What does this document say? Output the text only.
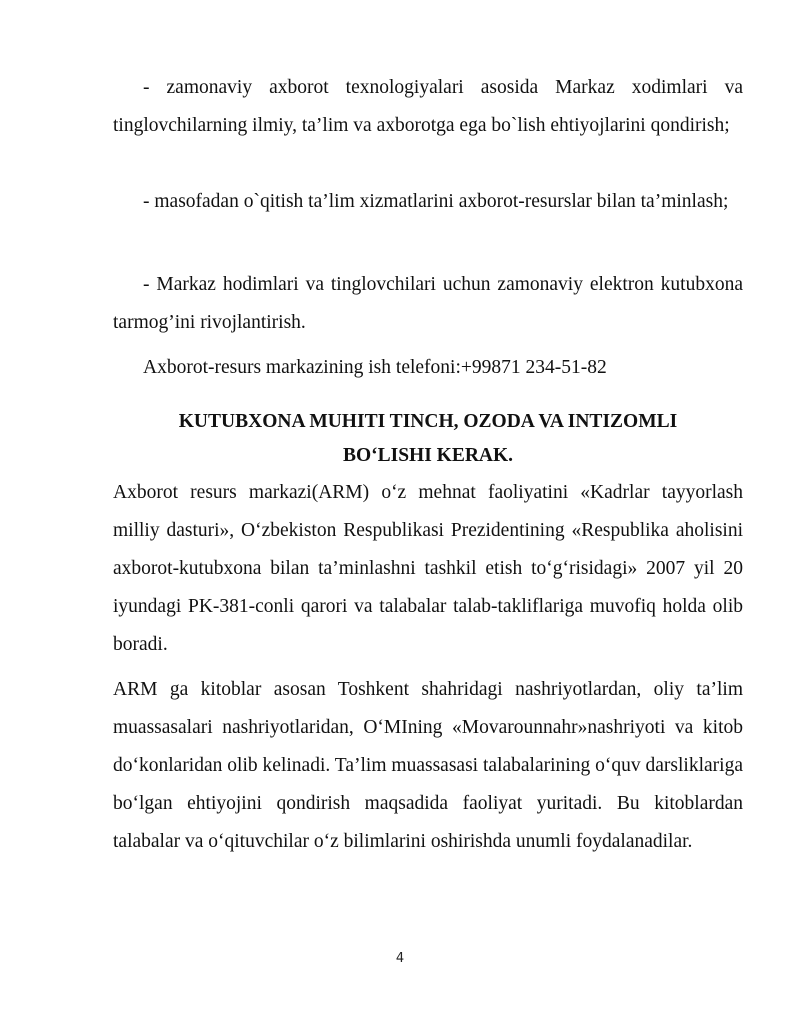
- zamonaviy axborot texnologiyalari asosida Markaz xodimlari va tinglovchilarning ilmiy, ta’lim va axborotga ega bo`lish ehtiyojlarini qondirish;

- masofadan o`qitish ta’lim xizmatlarini axborot-resurslar bilan ta’minlash;

- Markaz hodimlari va tinglovchilari uchun zamonaviy elektron kutubxona tarmog’ini rivojlantirish.

Axborot-resurs markazining ish telefoni:+99871 234-51-82

KUTUBXONA MUHITI TINCH, OZODA VA INTIZOMLI

BO‘LISHI KERAK.

Axborot resurs markazi(ARM) o‘z mehnat faoliyatini «Kadrlar tayyorlash milliy dasturi», O‘zbekiston Respublikasi Prezidentining «Respublika aholisini axborot-kutubxona bilan ta’minlashni tashkil etish to‘g‘risidagi» 2007 yil 20 iyundagi PK-381-conli qarori va talabalar talab-takliflariga muvofiq holda olib boradi.

ARM ga kitoblar asosan Toshkent shahridagi nashriyotlardan, oliy ta’lim muassasalari nashriyotlaridan, O‘MIning «Movarounnahr»nashriyoti va kitob do‘konlaridan olib kelinadi. Ta’lim muassasasi talabalarining o‘quv darsliklariga bo‘lgan ehtiyojini qondirish maqsadida faoliyat yuritadi. Bu kitoblardan talabalar va o‘qituvchilar o‘z bilimlarini oshirishda unumli foydalanadilar.

4
